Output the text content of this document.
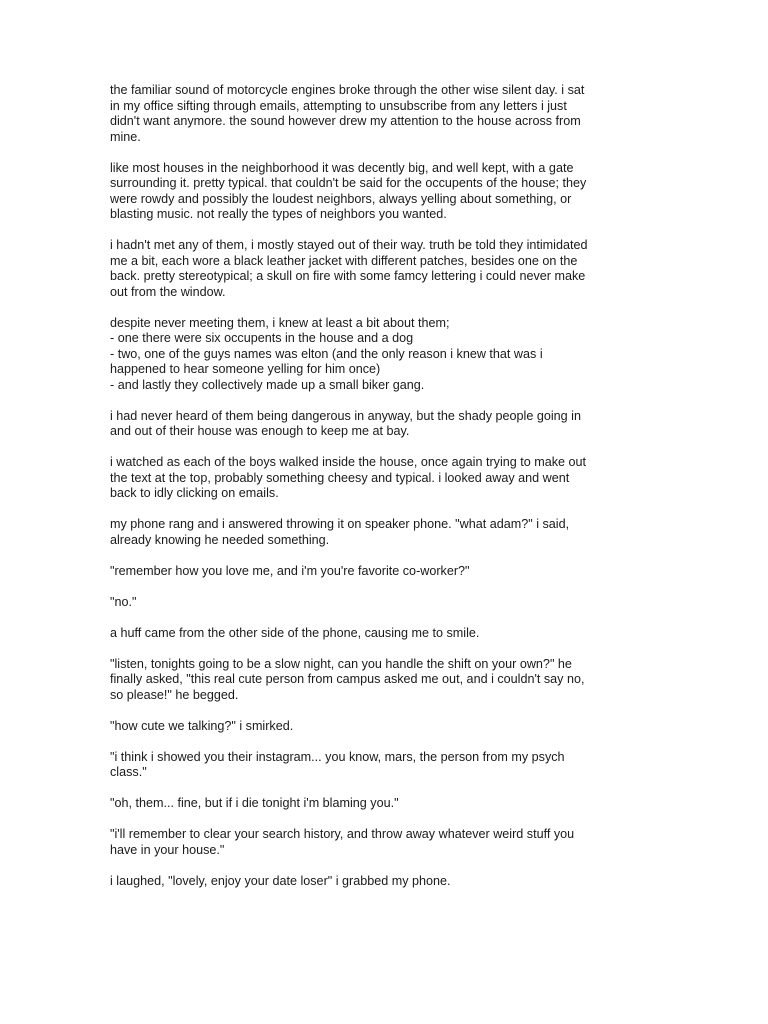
the familiar sound of motorcycle engines broke through the other wise silent day. i sat
in my office sifting through emails, attempting to unsubscribe from any letters i just
didn't want anymore. the sound however drew my attention to the house across from
mine.

like most houses in the neighborhood it was decently big, and well kept, with a gate
surrounding it. pretty typical. that couldn't be said for the occupents of the house; they
were rowdy and possibly the loudest neighbors, always yelling about something, or
blasting music. not really the types of neighbors you wanted.

i hadn't met any of them, i mostly stayed out of their way. truth be told they intimidated
me a bit, each wore a black leather jacket with different patches, besides one on the
back. pretty stereotypical; a skull on fire with some famcy lettering i could never make
out from the window.

despite never meeting them, i knew at least a bit about them;
- one there were six occupents in the house and a dog
- two, one of the guys names was elton (and the only reason i knew that was i
happened to hear someone yelling for him once)
- and lastly they collectively made up a small biker gang.

i had never heard of them being dangerous in anyway, but the shady people going in
and out of their house was enough to keep me at bay.

i watched as each of the boys walked inside the house, once again trying to make out
the text at the top, probably something cheesy and typical. i looked away and went
back to idly clicking on emails.

my phone rang and i answered throwing it on speaker phone. "what adam?" i said,
already knowing he needed something.

"remember how you love me, and i'm you're favorite co-worker?"

"no."

a huff came from the other side of the phone, causing me to smile.

"listen, tonights going to be a slow night, can you handle the shift on your own?" he
finally asked, "this real cute person from campus asked me out, and i couldn't say no,
so please!" he begged.

"how cute we talking?" i smirked.

"i think i showed you their instagram... you know, mars, the person from my psych
class."

"oh, them... fine, but if i die tonight i'm blaming you."

"i'll remember to clear your search history, and throw away whatever weird stuff you
have in your house."

i laughed, "lovely, enjoy your date loser" i grabbed my phone.
